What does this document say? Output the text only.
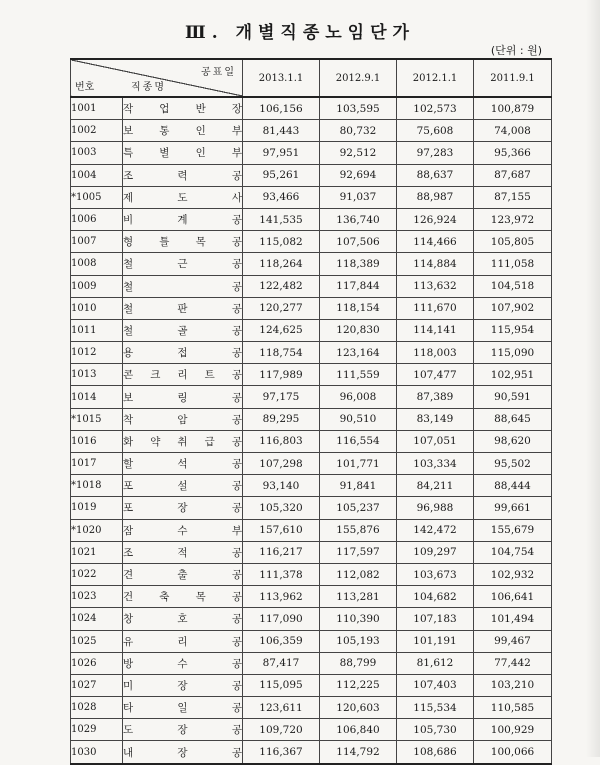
Ⅲ. 개별직종노임단가
(단위 : 원)
공표일
번호 직종명		2013.1.1	2012.9.1	2012.1.1	2011.9.1
1001	작 업 반 장	106,156	103,595	102,573	100,879
1002	보 통 인 부	81,443	80,732	75,608	74,008
1003	특 별 인 부	97,951	92,512	97,283	95,366
1004	조 력 공	95,261	92,694	88,637	87,687
*1005	제 도 사	93,466	91,037	88,987	87,155
1006	비 계 공	141,535	136,740	126,924	123,972
1007	형 틀 목 공	115,082	107,506	114,466	105,805
1008	철 근 공	118,264	118,389	114,884	111,058
1009	철 공	122,482	117,844	113,632	104,518
1010	철 판 공	120,277	118,154	111,670	107,902
1011	철 골 공	124,625	120,830	114,141	115,954
1012	용 접 공	118,754	123,164	118,003	115,090
1013	콘 크 리 트 공	117,989	111,559	107,477	102,951
1014	보 링 공	97,175	96,008	87,389	90,591
*1015	착 암 공	89,295	90,510	83,149	88,645
1016	화 약 취 급 공	116,803	116,554	107,051	98,620
1017	할 석 공	107,298	101,771	103,334	95,502
*1018	포 설 공	93,140	91,841	84,211	88,444
1019	포 장 공	105,320	105,237	96,988	99,661
*1020	잠 수 부	157,610	155,876	142,472	155,679
1021	조 적 공	116,217	117,597	109,297	104,754
1022	견 출 공	111,378	112,082	103,673	102,932
1023	건 축 목 공	113,962	113,281	104,682	106,641
1024	창 호 공	117,090	110,390	107,183	101,494
1025	유 리 공	106,359	105,193	101,191	99,467
1026	방 수 공	87,417	88,799	81,612	77,442
1027	미 장 공	115,095	112,225	107,403	103,210
1028	타 일 공	123,611	120,603	115,534	110,585
1029	도 장 공	109,720	106,840	105,730	100,929
1030	내 장 공	116,367	114,792	108,686	100,066
